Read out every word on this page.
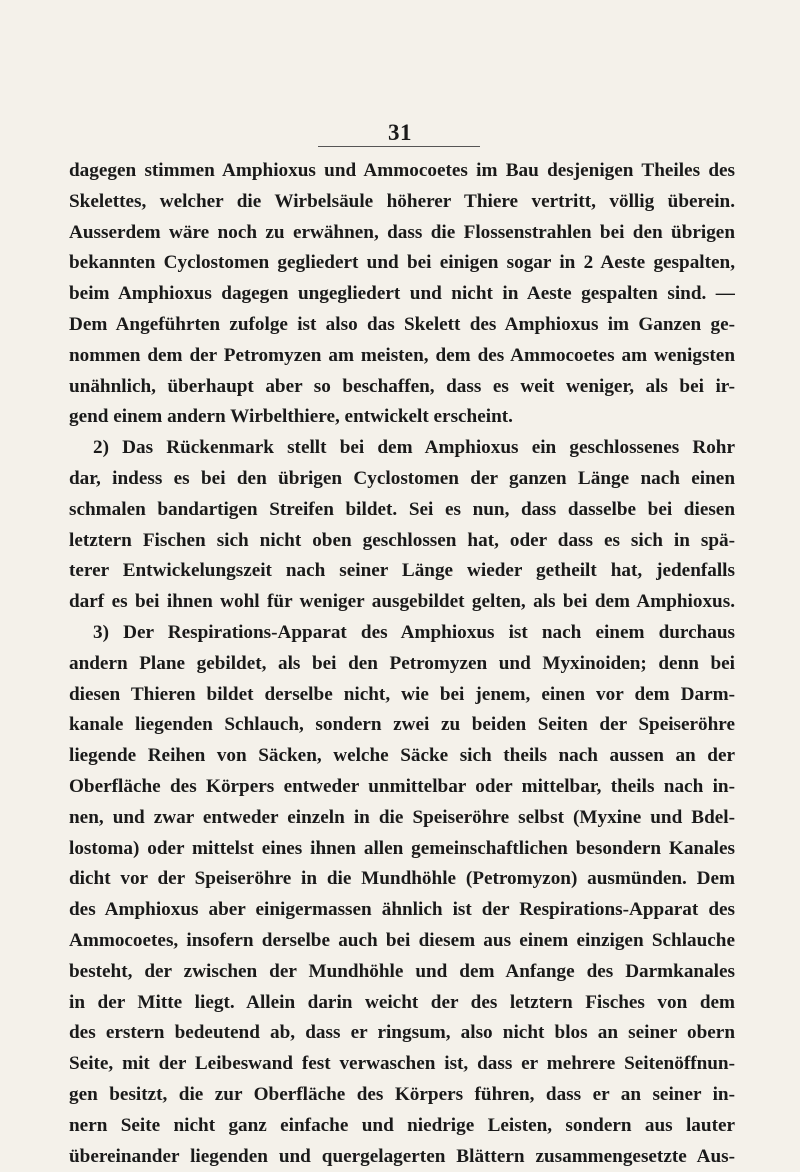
31
dagegen stimmen Amphioxus und Ammocoetes im Bau desjenigen Theiles des
Skelettes, welcher die Wirbelsäule höherer Thiere vertritt, völlig überein.
Ausserdem wäre noch zu erwähnen, dass die Flossenstrahlen bei den übrigen
bekannten Cyclostomen gegliedert und bei einigen sogar in 2 Aeste gespalten,
beim Amphioxus dagegen ungegliedert und nicht in Aeste gespalten sind. —
Dem Angeführten zufolge ist also das Skelett des Amphioxus im Ganzen ge-
nommen dem der Petromyzen am meisten, dem des Ammocoetes am wenigsten
unähnlich, überhaupt aber so beschaffen, dass es weit weniger, als bei ir-
gend einem andern Wirbelthiere, entwickelt erscheint.
2) Das Rückenmark stellt bei dem Amphioxus ein geschlossenes Rohr
dar, indess es bei den übrigen Cyclostomen der ganzen Länge nach einen
schmalen bandartigen Streifen bildet. Sei es nun, dass dasselbe bei diesen
letztern Fischen sich nicht oben geschlossen hat, oder dass es sich in spä-
terer Entwickelungszeit nach seiner Länge wieder getheilt hat, jedenfalls
darf es bei ihnen wohl für weniger ausgebildet gelten, als bei dem Amphioxus.
3) Der Respirations-Apparat des Amphioxus ist nach einem durchaus
andern Plane gebildet, als bei den Petromyzen und Myxinoiden; denn bei
diesen Thieren bildet derselbe nicht, wie bei jenem, einen vor dem Darm-
kanale liegenden Schlauch, sondern zwei zu beiden Seiten der Speiseröhre
liegende Reihen von Säcken, welche Säcke sich theils nach aussen an der
Oberfläche des Körpers entweder unmittelbar oder mittelbar, theils nach in-
nen, und zwar entweder einzeln in die Speiseröhre selbst (Myxine und Bdel-
lostoma) oder mittelst eines ihnen allen gemeinschaftlichen besondern Kanales
dicht vor der Speiseröhre in die Mundhöhle (Petromyzon) ausmünden. Dem
des Amphioxus aber einigermassen ähnlich ist der Respirations-Apparat des
Ammocoetes, insofern derselbe auch bei diesem aus einem einzigen Schlauche
besteht, der zwischen der Mundhöhle und dem Anfange des Darmkanales
in der Mitte liegt. Allein darin weicht der des letztern Fisches von dem
des erstern bedeutend ab, dass er ringsum, also nicht blos an seiner obern
Seite, mit der Leibeswand fest verwaschen ist, dass er mehrere Seitenöffnun-
gen besitzt, die zur Oberfläche des Körpers führen, dass er an seiner in-
nern Seite nicht ganz einfache und niedrige Leisten, sondern aus lauter
übereinander liegenden und quergelagerten Blättern zusammengesetzte Aus-
